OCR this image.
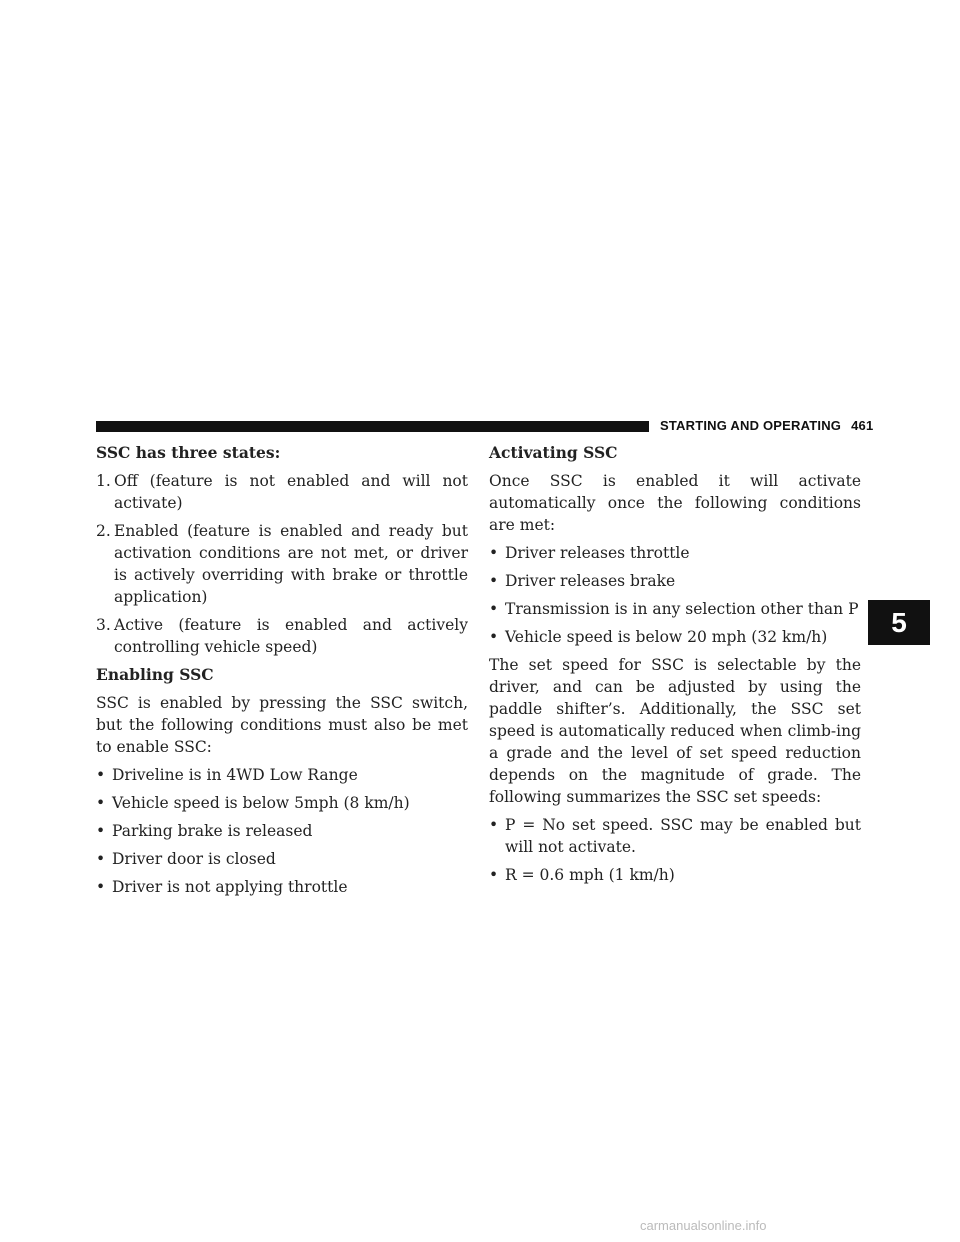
STARTING AND OPERATING 461
SSC has three states:
1. Off (feature is not enabled and will not activate)
2. Enabled (feature is enabled and ready but activation conditions are not met, or driver is actively overriding with brake or throttle application)
3. Active (feature is enabled and actively controlling vehicle speed)
Enabling SSC

SSC is enabled by pressing the SSC switch, but the following conditions must also be met to enable SSC:

• Driveline is in 4WD Low Range
• Vehicle speed is below 5mph (8 km/h)
• Parking brake is released
• Driver door is closed
• Driver is not applying throttle
Activating SSC

Once SSC is enabled it will activate automatically once the following conditions are met:

• Driver releases throttle
• Driver releases brake
• Transmission is in any selection other than P
• Vehicle speed is below 20 mph (32 km/h)

The set speed for SSC is selectable by the driver, and can be adjusted by using the paddle shifter’s. Additionally, the SSC set speed is automatically reduced when climb-ing a grade and the level of set speed reduction depends on the magnitude of grade. The following summarizes the SSC set speeds:

• P = No set speed. SSC may be enabled but will not activate.
• R = 0.6 mph (1 km/h)
5
carmanualsonline.info
